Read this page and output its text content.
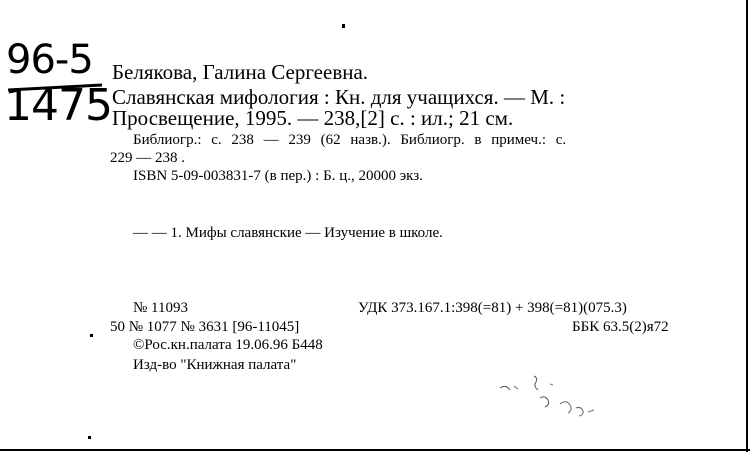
96-5
1475
Белякова, Галина Сергеевна.
Славянская мифология : Кн. для учащихся. — М. :
Просвещение, 1995. — 238,[2] с. : ил.; 21 см.
Библиогр.: с. 238 — 239 (62 назв.). Библиогр. в примеч.: с.
229 — 238 .
ISBN 5-09-003831-7 (в пер.) : Б. ц., 20000 экз.
— — 1. Мифы славянские — Изучение в школе.
№ 11093	УДК 373.167.1:398(=81) + 398(=81)(075.3)
50 № 1077 № 3631 [96-11045]	ББК 63.5(2)я72
©Рос.кн.палата 19.06.96 Б448
Изд-во "Книжная палата"
